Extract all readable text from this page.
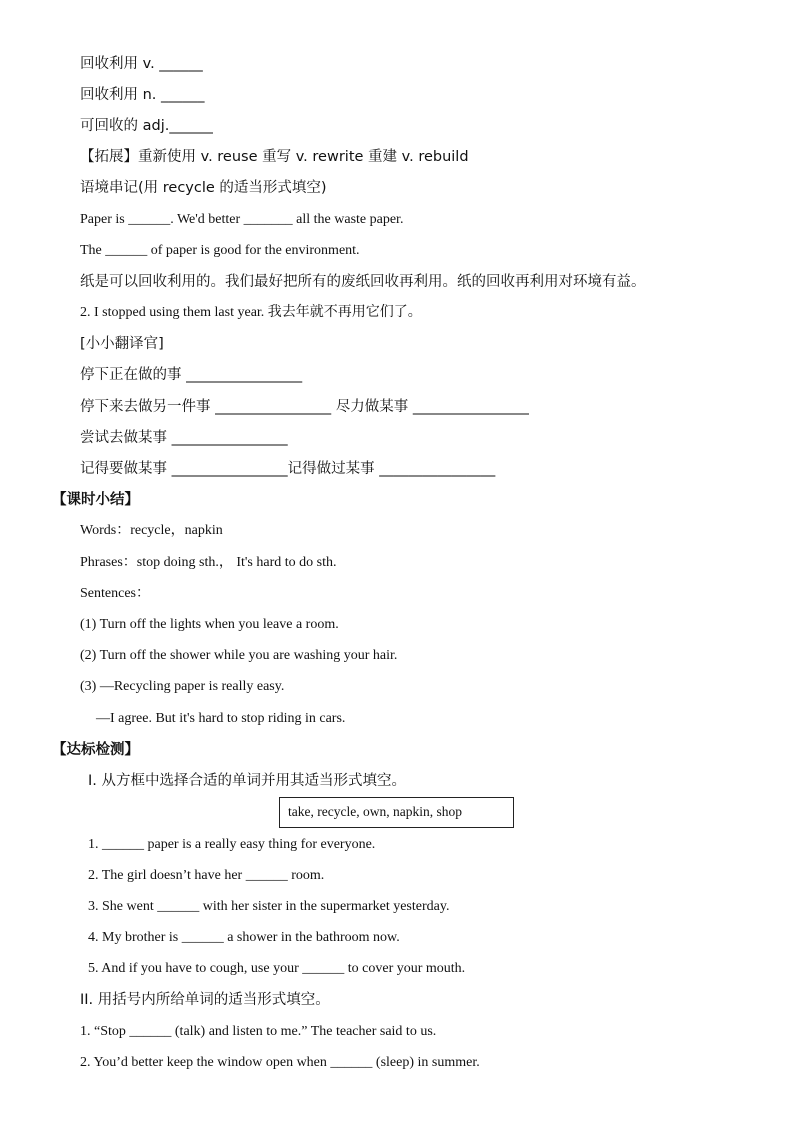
回收利用 v. ______
回收利用 n. ______
可回收的 adj.______
【拓展】重新使用 v. reuse 重写 v. rewrite 重建 v. rebuild
语境串记(用 recycle 的适当形式填空)
Paper is ______. We'd better _______ all the waste paper.
The ______ of paper is good for the environment.
纸是可以回收利用的。我们最好把所有的废纸回收再利用。纸的回收再利用对环境有益。
2. I stopped using them last year. 我去年就不再用它们了。
[小小翻译官]
停下正在做的事 ________________
停下来去做另一件事 ________________ 尽力做某事 ________________
尝试去做某事 ________________
记得要做某事 ________________记得做过某事 ________________
【课时小结】
Words：recycle，napkin
Phrases：stop doing sth.， It's hard to do sth.
Sentences：
(1) Turn off the lights when you leave a room.
(2) Turn off the shower while you are washing your hair.
(3) —Recycling paper is really easy.
—I agree. But it's hard to stop riding in cars.
【达标检测】
I. 从方框中选择合适的单词并用其适当形式填空。
take, recycle, own, napkin, shop
1. ______ paper is a really easy thing for everyone.
2. The girl doesn’t have her ______ room.
3. She went ______ with her sister in the supermarket yesterday.
4. My brother is ______ a shower in the bathroom now.
5. And if you have to cough, use your ______ to cover your mouth.
II. 用括号内所给单词的适当形式填空。
1. “Stop ______ (talk) and listen to me.” The teacher said to us.
2. You’d better keep the window open when ______ (sleep) in summer.
